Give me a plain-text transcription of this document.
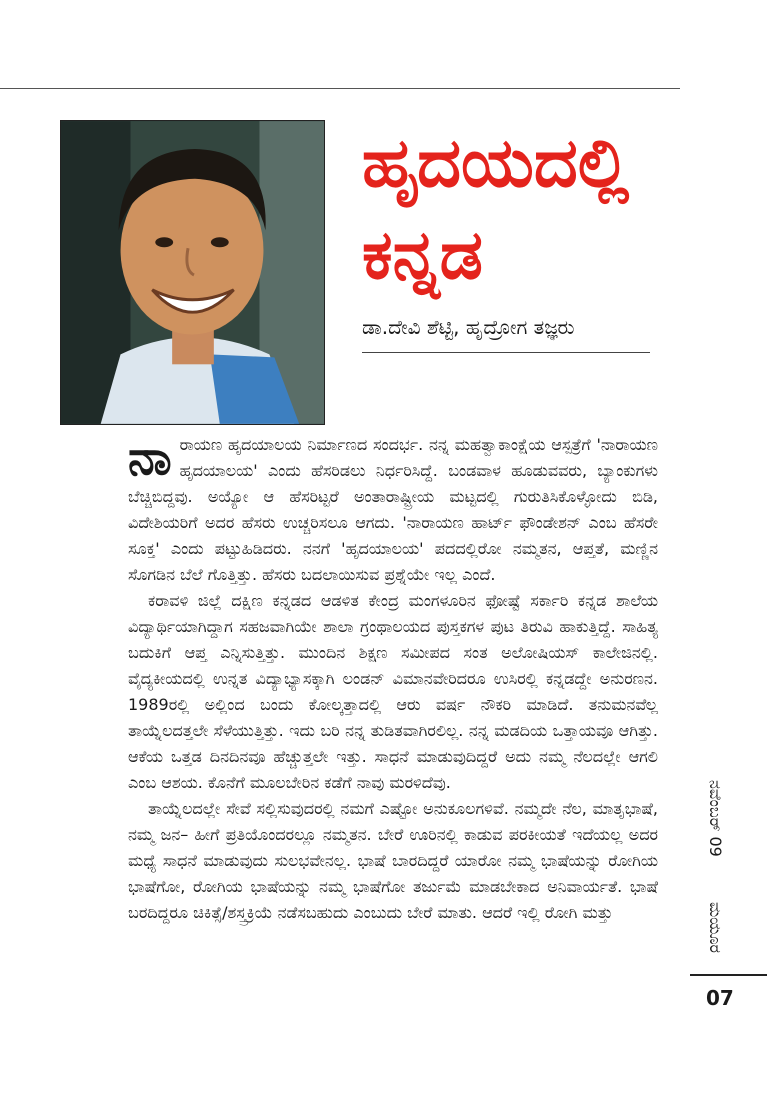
ಹೃದಯದಲ್ಲಿ
ಕನ್ನಡ
ಡಾ.ದೇವಿ ಶೆಟ್ಟಿ, ಹೃದ್ರೋಗ ತಜ್ಞರು

ನಾರಾಯಣ ಹೃದಯಾಲಯ ನಿರ್ಮಾಣದ ಸಂದರ್ಭ. ನನ್ನ ಮಹತ್ವಾಕಾಂಕ್ಷೆಯ ಆಸ್ಪತ್ರೆಗೆ 'ನಾರಾಯಣ ಹೃದಯಾಲಯ' ಎಂದು ಹೆಸರಿಡಲು ನಿರ್ಧರಿಸಿದ್ದೆ. ಬಂಡವಾಳ ಹೂಡುವವರು, ಬ್ಯಾಂಕುಗಳು ಬೆಚ್ಚಿಬಿದ್ದವು. ಅಯ್ಯೋ ಆ ಹೆಸರಿಟ್ಟರೆ ಅಂತಾರಾಷ್ಟ್ರೀಯ ಮಟ್ಟದಲ್ಲಿ ಗುರುತಿಸಿಕೊಳ್ಳೋದು ಬಿಡಿ, ವಿದೇಶಿಯರಿಗೆ ಅದರ ಹೆಸರು ಉಚ್ಚರಿಸಲೂ ಆಗದು. 'ನಾರಾಯಣ ಹಾರ್ಟ್ ಫೌಂಡೇಶನ್ ಎಂಬ ಹೆಸರೇ ಸೂಕ್ತ' ಎಂದು ಪಟ್ಟುಹಿಡಿದರು. ನನಗೆ 'ಹೃದಯಾಲಯ' ಪದದಲ್ಲಿರೋ ನಮ್ಮತನ, ಆಪ್ತತೆ, ಮಣ್ಣಿನ ಸೊಗಡಿನ ಬೆಲೆ ಗೊತ್ತಿತ್ತು. ಹೆಸರು ಬದಲಾಯಿಸುವ ಪ್ರಶ್ನೆಯೇ ಇಲ್ಲ ಎಂದೆ.

ಕರಾವಳಿ ಜಿಲ್ಲೆ ದಕ್ಷಿಣ ಕನ್ನಡದ ಆಡಳಿತ ಕೇಂದ್ರ ಮಂಗಳೂರಿನ ಫೋಷ್ಟೆ ಸರ್ಕಾರಿ ಕನ್ನಡ ಶಾಲೆಯ ವಿದ್ಯಾರ್ಥಿಯಾಗಿದ್ದಾಗ ಸಹಜವಾಗಿಯೇ ಶಾಲಾ ಗ್ರಂಥಾಲಯದ ಪುಸ್ತಕಗಳ ಪುಟ ತಿರುವಿ ಹಾಕುತ್ತಿದ್ದೆ. ಸಾಹಿತ್ಯ ಬದುಕಿಗೆ ಆಪ್ತ ಎನ್ನಿಸುತ್ತಿತ್ತು. ಮುಂದಿನ ಶಿಕ್ಷಣ ಸಮೀಪದ ಸಂತ ಅಲೋಷಿಯಸ್ ಕಾಲೇಜಿನಲ್ಲಿ. ವೈದ್ಯಕೀಯದಲ್ಲಿ ಉನ್ನತ ವಿದ್ಯಾಭ್ಯಾಸಕ್ಕಾಗಿ ಲಂಡನ್ ವಿಮಾನವೇರಿದರೂ ಉಸಿರಲ್ಲಿ ಕನ್ನಡದ್ದೇ ಅನುರಣನ. 1989ರಲ್ಲಿ ಅಲ್ಲಿಂದ ಬಂದು ಕೋಲ್ಕತ್ತಾದಲ್ಲಿ ಆರು ವರ್ಷ ನೌಕರಿ ಮಾಡಿದೆ. ತನುಮನವೆಲ್ಲ ತಾಯ್ನೆಲದತ್ತಲೇ ಸೆಳೆಯುತ್ತಿತ್ತು. ಇದು ಬರಿ ನನ್ನ ತುಡಿತವಾಗಿರಲಿಲ್ಲ. ನನ್ನ ಮಡದಿಯ ಒತ್ತಾಯವೂ ಆಗಿತ್ತು. ಆಕೆಯ ಒತ್ತಡ ದಿನದಿನವೂ ಹೆಚ್ಚುತ್ತಲೇ ಇತ್ತು. ಸಾಧನೆ ಮಾಡುವುದಿದ್ದರೆ ಅದು ನಮ್ಮ ನೆಲದಲ್ಲೇ ಆಗಲಿ ಎಂಬ ಆಶಯ. ಕೊನೆಗೆ ಮೂಲಬೇರಿನ ಕಡೆಗೆ ನಾವು ಮರಳಿದೆವು.

ತಾಯ್ನೆಲದಲ್ಲೇ ಸೇವೆ ಸಲ್ಲಿಸುವುದರಲ್ಲಿ ನಮಗೆ ಎಷ್ಟೋ ಅನುಕೂಲಗಳಿವೆ. ನಮ್ಮದೇ ನೆಲ, ಮಾತೃಭಾಷೆ, ನಮ್ಮ ಜನ– ಹೀಗೆ ಪ್ರತಿಯೊಂದರಲ್ಲೂ ನಮ್ಮತನ. ಬೇರೆ ಊರಿನಲ್ಲಿ ಕಾಡುವ ಪರಕೀಯತೆ ಇದೆಯಲ್ಲ ಅದರ ಮಧ್ಯೆ ಸಾಧನೆ ಮಾಡುವುದು ಸುಲಭವೇನಲ್ಲ. ಭಾಷೆ ಬಾರದಿದ್ದರೆ ಯಾರೋ ನಮ್ಮ ಭಾಷೆಯನ್ನು ರೋಗಿಯ ಭಾಷೆಗೋ, ರೋಗಿಯ ಭಾಷೆಯನ್ನು ನಮ್ಮ ಭಾಷೆಗೋ ತರ್ಜುಮೆ ಮಾಡಬೇಕಾದ ಅನಿವಾರ್ಯತೆ. ಭಾಷೆ ಬರದಿದ್ದರೂ ಚಿಕಿತ್ಸೆ/ಶಸ್ತ್ರಕ್ರಿಯೆ ನಡೆಸಬಹುದು ಎಂಬುದು ಬೇರೆ ಮಾತು. ಆದರೆ ಇಲ್ಲಿ ರೋಗಿ ಮತ್ತು

ನವೆಂಬರ್ 09 ಮಯೂರ
07
